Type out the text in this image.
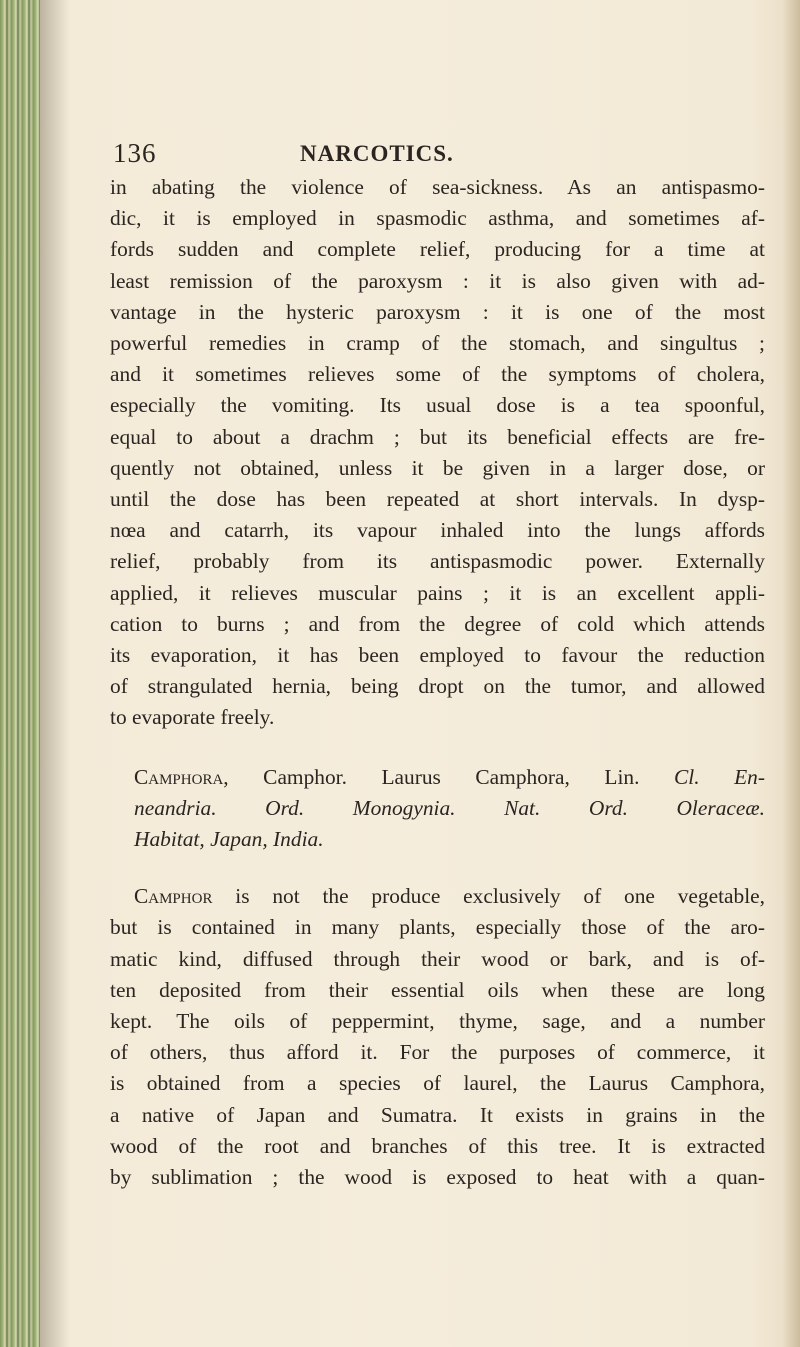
136	NARCOTICS.

in abating the violence of sea-sickness. As an antispasmo-
dic, it is employed in spasmodic asthma, and sometimes af-
fords sudden and complete relief, producing for a time at
least remission of the paroxysm : it is also given with ad-
vantage in the hysteric paroxysm : it is one of the most
powerful remedies in cramp of the stomach, and singultus ;
and it sometimes relieves some of the symptoms of cholera,
especially the vomiting. Its usual dose is a tea spoonful,
equal to about a drachm ; but its beneficial effects are fre-
quently not obtained, unless it be given in a larger dose, or
until the dose has been repeated at short intervals. In dysp-
nœa and catarrh, its vapour inhaled into the lungs affords
relief, probably from its antispasmodic power. Externally
applied, it relieves muscular pains ; it is an excellent appli-
cation to burns ; and from the degree of cold which attends
its evaporation, it has been employed to favour the reduction
of strangulated hernia, being dropt on the tumor, and allowed
to evaporate freely.

Camphora, Camphor. Laurus Camphora, Lin. Cl. En-
neandria. Ord. Monogynia. Nat. Ord. Oleraceæ.
Habitat, Japan, India.

Camphor is not the produce exclusively of one vegetable,
but is contained in many plants, especially those of the aro-
matic kind, diffused through their wood or bark, and is of-
ten deposited from their essential oils when these are long
kept. The oils of peppermint, thyme, sage, and a number
of others, thus afford it. For the purposes of commerce, it
is obtained from a species of laurel, the Laurus Camphora,
a native of Japan and Sumatra. It exists in grains in the
wood of the root and branches of this tree. It is extracted
by sublimation ; the wood is exposed to heat with a quan-
